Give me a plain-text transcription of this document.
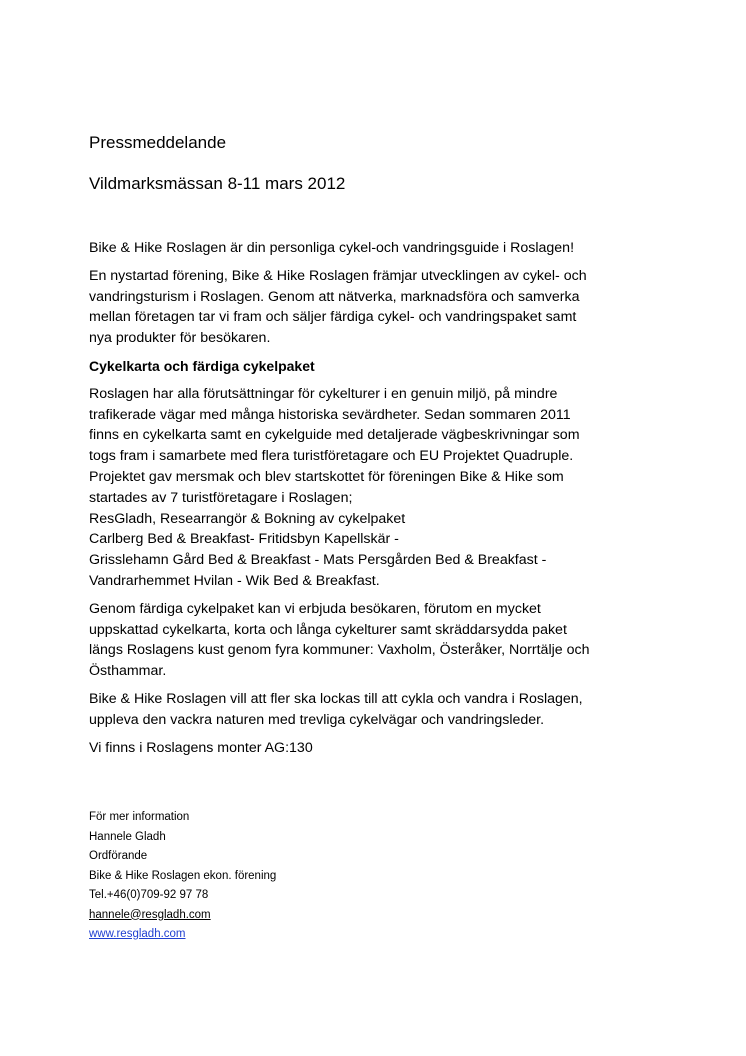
Pressmeddelande
Vildmarksmässan 8-11 mars 2012

Bike & Hike Roslagen är din personliga cykel-och vandringsguide i Roslagen!

En nystartad förening, Bike & Hike Roslagen främjar utvecklingen av cykel- och
vandringsturism i Roslagen. Genom att nätverka, marknadsföra och samverka
mellan företagen tar vi fram och säljer färdiga cykel- och vandringspaket samt
nya produkter för besökaren.

Cykelkarta och färdiga cykelpaket

Roslagen har alla förutsättningar för cykelturer i en genuin miljö, på mindre
trafikerade vägar med många historiska sevärdheter. Sedan sommaren 2011
finns en cykelkarta samt en cykelguide med detaljerade vägbeskrivningar som
togs fram i samarbete med flera turistföretagare och EU Projektet Quadruple.
Projektet gav mersmak och blev startskottet för föreningen Bike & Hike som
startades av 7 turistföretagare i Roslagen;
ResGladh, Researrangör & Bokning av cykelpaket
Carlberg Bed & Breakfast- Fritidsbyn Kapellskär -
Grisslehamn Gård Bed & Breakfast - Mats Persgården Bed & Breakfast -
Vandrarhemmet Hvilan - Wik Bed & Breakfast.

Genom färdiga cykelpaket kan vi erbjuda besökaren, förutom en mycket
uppskattad cykelkarta, korta och långa cykelturer samt skräddarsydda paket
längs Roslagens kust genom fyra kommuner: Vaxholm, Österåker, Norrtälje och
Östhammar.

Bike & Hike Roslagen vill att fler ska lockas till att cykla och vandra i Roslagen,
uppleva den vackra naturen med trevliga cykelvägar och vandringsleder.

Vi finns i Roslagens monter AG:130

För mer information
Hannele Gladh
Ordförande
Bike & Hike Roslagen ekon. förening
Tel.+46(0)709-92 97 78
hannele@resgladh.com
www.resgladh.com
